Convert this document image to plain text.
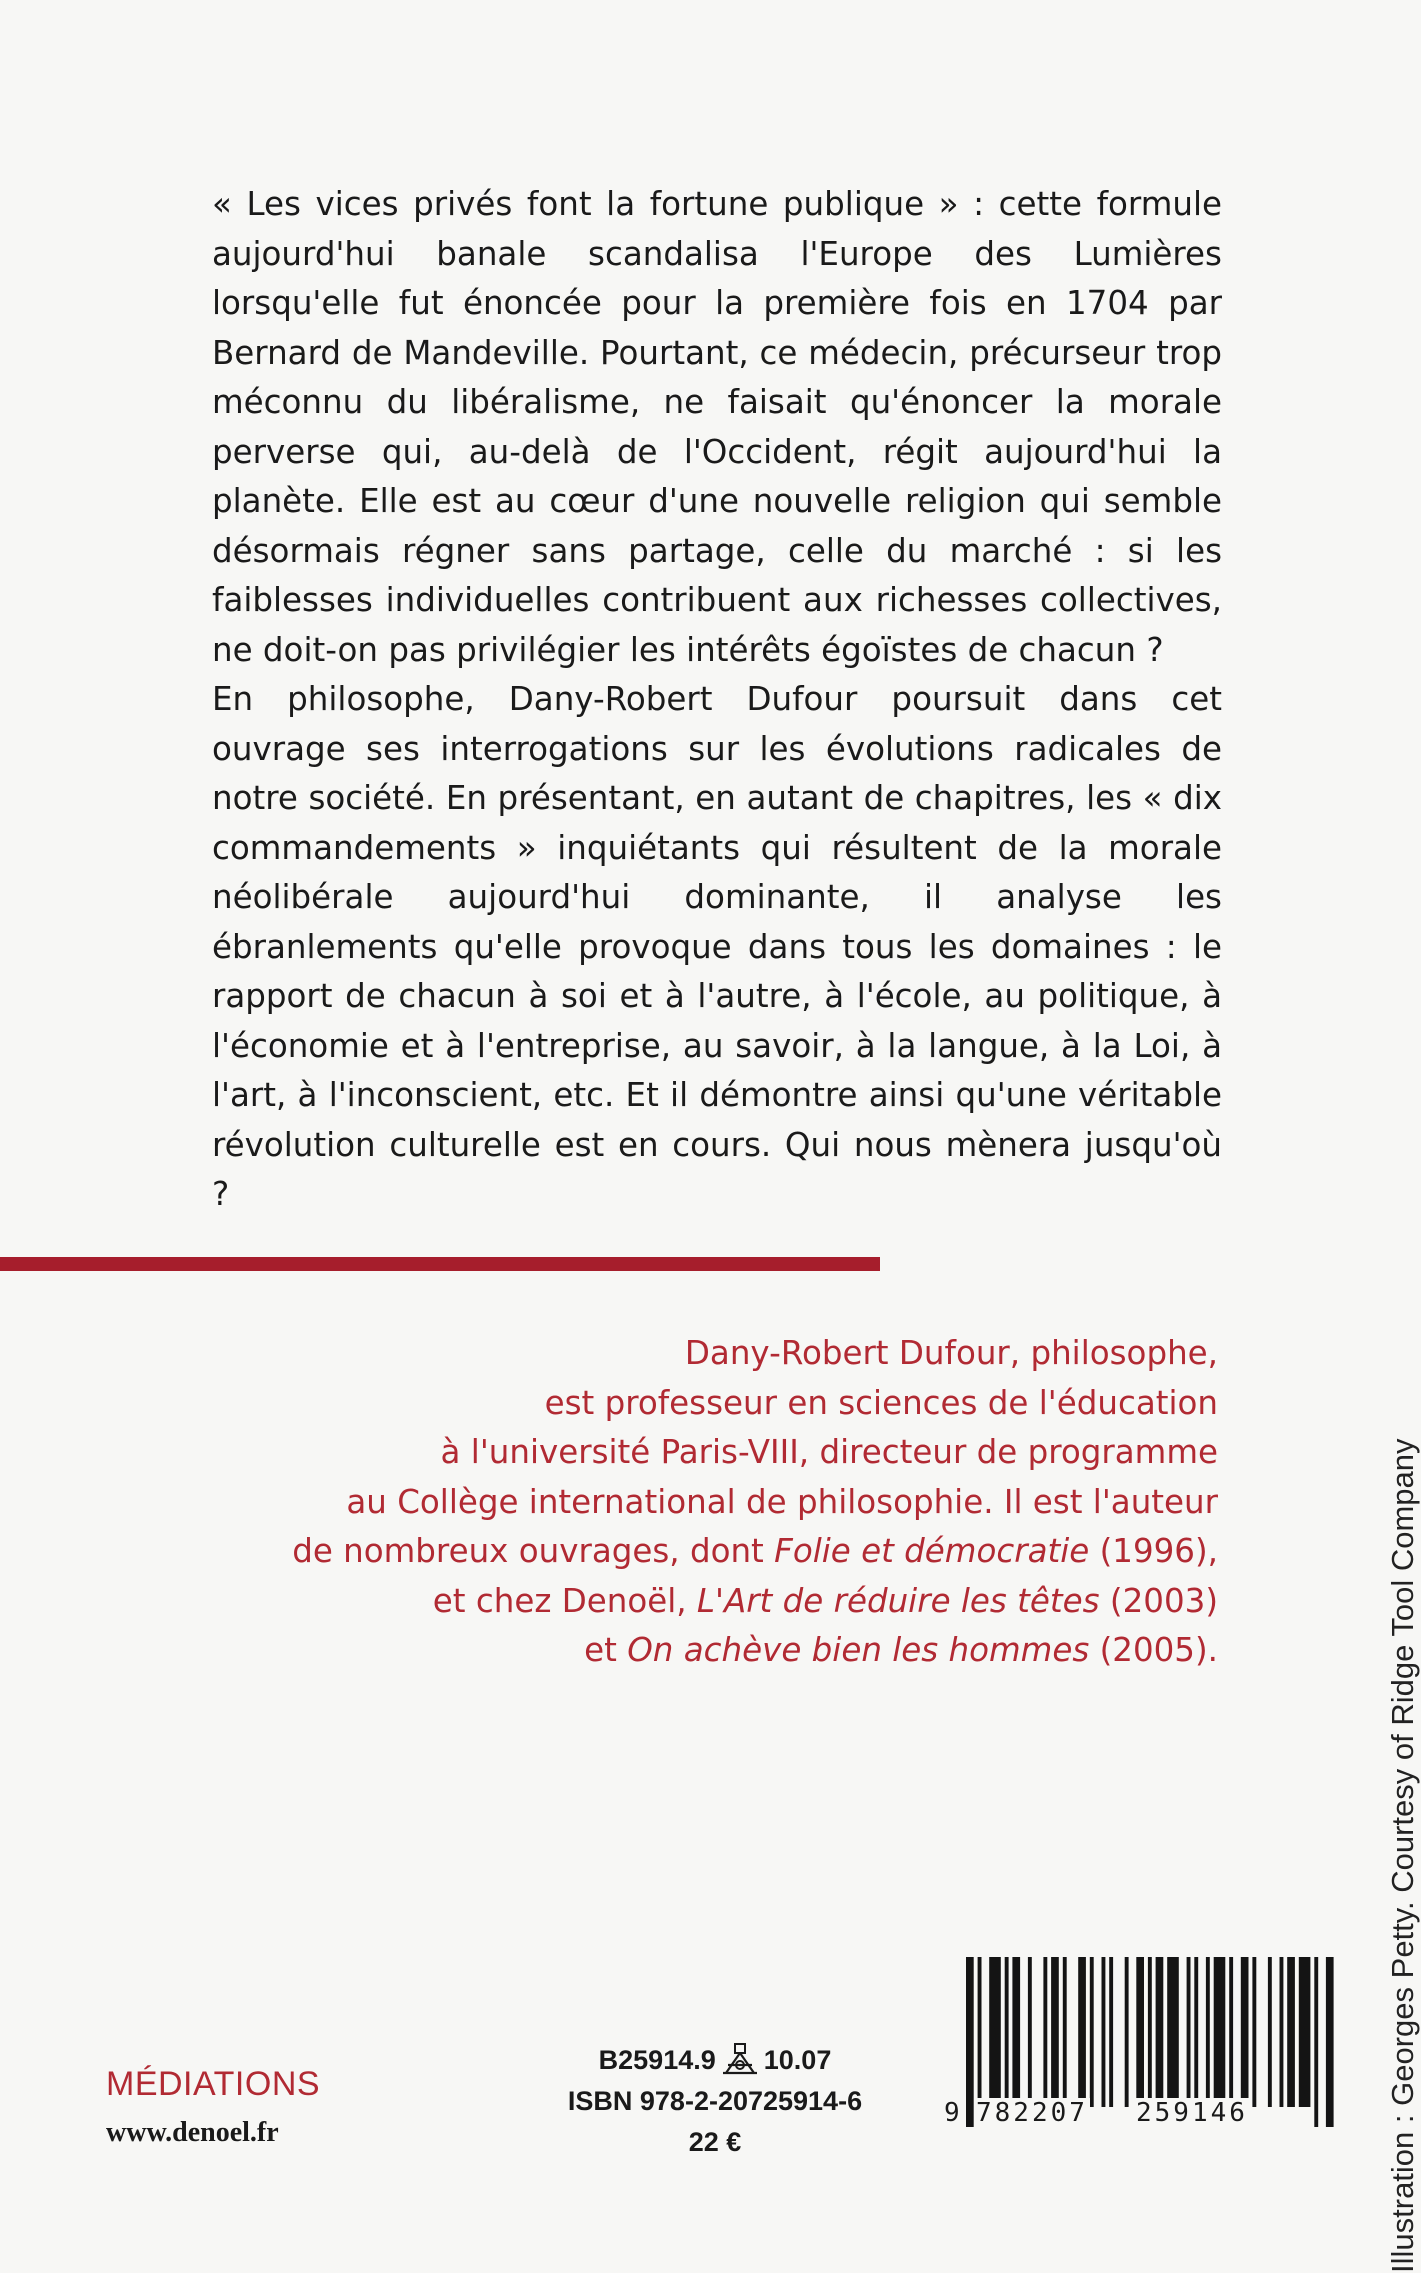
« Les vices privés font la fortune publique » : cette formule aujourd'hui banale scandalisa l'Europe des Lumières lorsqu'elle fut énoncée pour la première fois en 1704 par Bernard de Mandeville. Pourtant, ce médecin, précurseur trop méconnu du libéralisme, ne faisait qu'énoncer la morale perverse qui, au-delà de l'Occident, régit aujourd'hui la planète. Elle est au cœur d'une nouvelle religion qui semble désormais régner sans partage, celle du marché : si les faiblesses individuelles contribuent aux richesses collectives, ne doit-on pas privilégier les intérêts égoïstes de chacun ?

En philosophe, Dany-Robert Dufour poursuit dans cet ouvrage ses interrogations sur les évolutions radicales de notre société. En présentant, en autant de chapitres, les « dix commandements » inquiétants qui résultent de la morale néolibérale aujourd'hui dominante, il analyse les ébranlements qu'elle provoque dans tous les domaines : le rapport de chacun à soi et à l'autre, à l'école, au politique, à l'économie et à l'entreprise, au savoir, à la langue, à la Loi, à l'art, à l'inconscient, etc. Et il démontre ainsi qu'une véritable révolution culturelle est en cours. Qui nous mènera jusqu'où ?

Dany-Robert Dufour, philosophe,
est professeur en sciences de l'éducation
à l'université Paris-VIII, directeur de programme
au Collège international de philosophie. Il est l'auteur
de nombreux ouvrages, dont Folie et démocratie (1996),
et chez Denoël, L'Art de réduire les têtes (2003)
et On achève bien les hommes (2005).	Illustration : Georges Petty. Courtesy of Ridge Tool Company
MÉDIATIONS
www.denoel.fr
B25914.9 10.07
ISBN 978-2-20725914-6
22 €
9 782207 259146
